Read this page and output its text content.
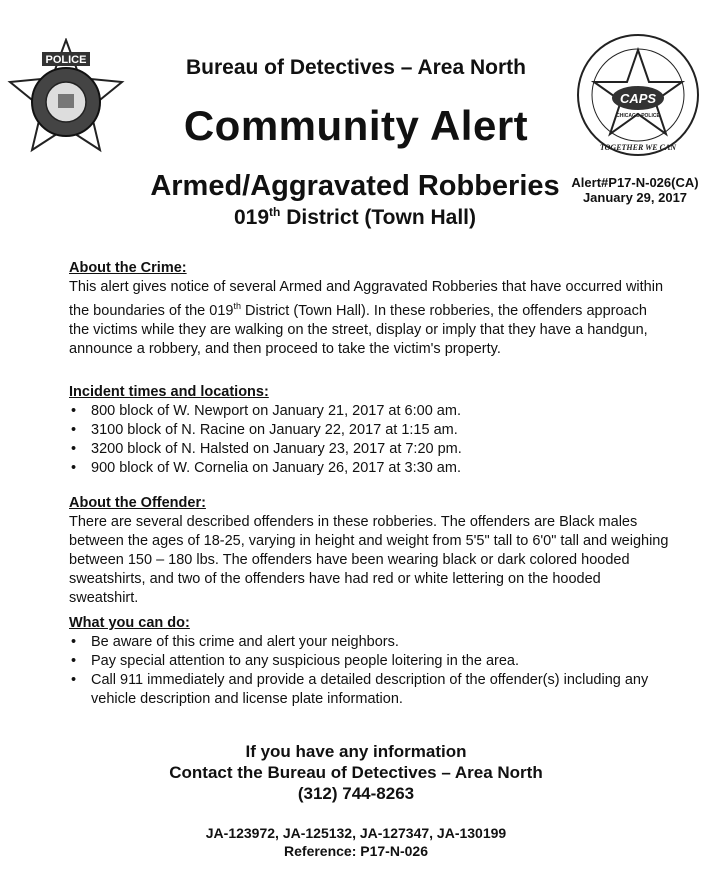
POLICE
CAPS
CHICAGO POLICE
TOGETHER WE CAN
Bureau of Detectives – Area North
Community Alert
Armed/Aggravated Robberies
019th District (Town Hall)
Alert#P17-N-026(CA)
January 29, 2017
About the Crime:

This alert gives notice of several Armed and Aggravated Robberies that have occurred within the boundaries of the 019th District (Town Hall). In these robberies, the offenders approach the victims while they are walking on the street, display or imply that they have a handgun, announce a robbery, and then proceed to take the victim's property.

Incident times and locations:
• 800 block of W. Newport on January 21, 2017 at 6:00 am.
• 3100 block of N. Racine on January 22, 2017 at 1:15 am.
• 3200 block of N. Halsted on January 23, 2017 at 7:20 pm.
• 900 block of W. Cornelia on January 26, 2017 at 3:30 am.
About the Offender:

There are several described offenders in these robberies. The offenders are Black males between the ages of 18-25, varying in height and weight from 5'5" tall to 6'0" tall and weighing between 150 – 180 lbs. The offenders have been wearing black or dark colored hooded sweatshirts, and two of the offenders have had red or white lettering on the hooded sweatshirt.

What you can do:
• Be aware of this crime and alert your neighbors.
• Pay special attention to any suspicious people loitering in the area.
• Call 911 immediately and provide a detailed description of the offender(s) including any vehicle description and license plate information.
If you have any information
Contact the Bureau of Detectives – Area North
(312) 744-8263
JA-123972, JA-125132, JA-127347, JA-130199
Reference: P17-N-026
